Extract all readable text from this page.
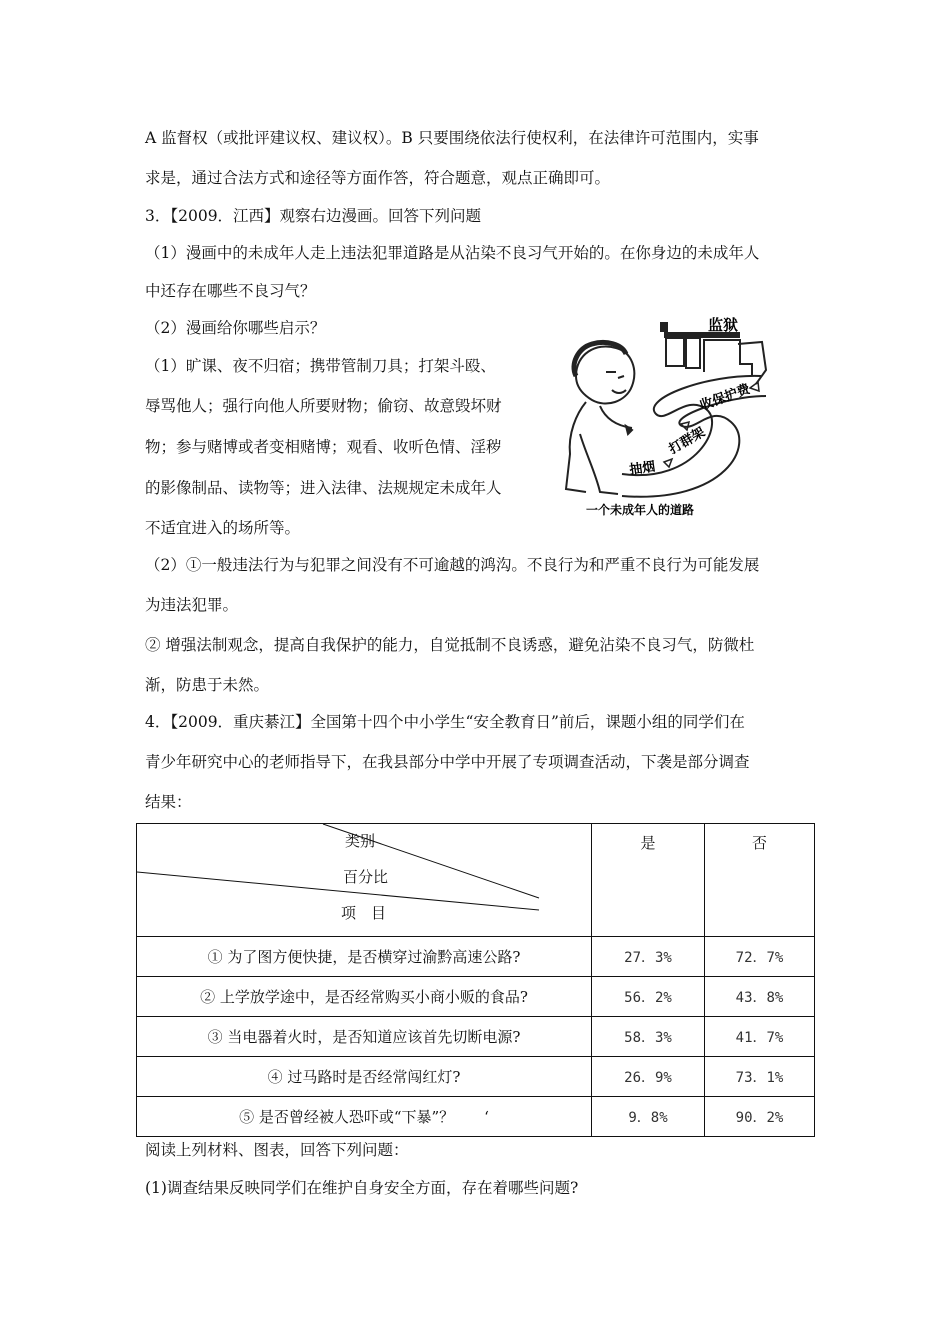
A 监督权（或批评建议权、建议权）。B 只要围绕依法行使权利，在法律许可范围内，实事
求是，通过合法方式和途径等方面作答，符合题意，观点正确即可。
3．【2009．江西】观察右边漫画。回答下列问题
（1）漫画中的未成年人走上违法犯罪道路是从沾染不良习气开始的。在你身边的未成年人
中还存在哪些不良习气？
（2）漫画给你哪些启示？
（1）旷课、夜不归宿；携带管制刀具；打架斗殴、
辱骂他人；强行向他人所要财物；偷窃、故意毁坏财
物；参与赌博或者变相赌博；观看、收听色情、淫秽
的影像制品、读物等；进入法律、法规规定未成年人
不适宜进入的场所等。
（2）①一般违法行为与犯罪之间没有不可逾越的鸿沟。不良行为和严重不良行为可能发展
为违法犯罪。
② 增强法制观念，提高自我保护的能力，自觉抵制不良诱惑，避免沾染不良习气，防微杜
渐，防患于未然。
4．【2009．重庆綦江】全国第十四个中小学生“安全教育日”前后，课题小组的同学们在
青少年研究中心的老师指导下，在我县部分中学中开展了专项调查活动，下袭是部分调查
结果：
监狱
抽烟
打群架
收保护费
一个未成年人的道路
类别
百分比
项　目	是	否
① 为了图方便快捷，是否横穿过渝黔高速公路?	27．3%	72．7%
② 上学放学途中，是否经常购买小商小贩的食品?	56．2%	43．8%
③ 当电器着火时，是否知道应该首先切断电源?	58．3%	41．7%
④ 过马路时是否经常闯红灯?	26．9%	73．1%
⑤ 是否曾经被人恐吓或“下暴”？　　‘	9．8%	90．2%
阅读上列材料、图表，回答下列问题：
(1)调查结果反映同学们在维护自身安全方面，存在着哪些问题?
